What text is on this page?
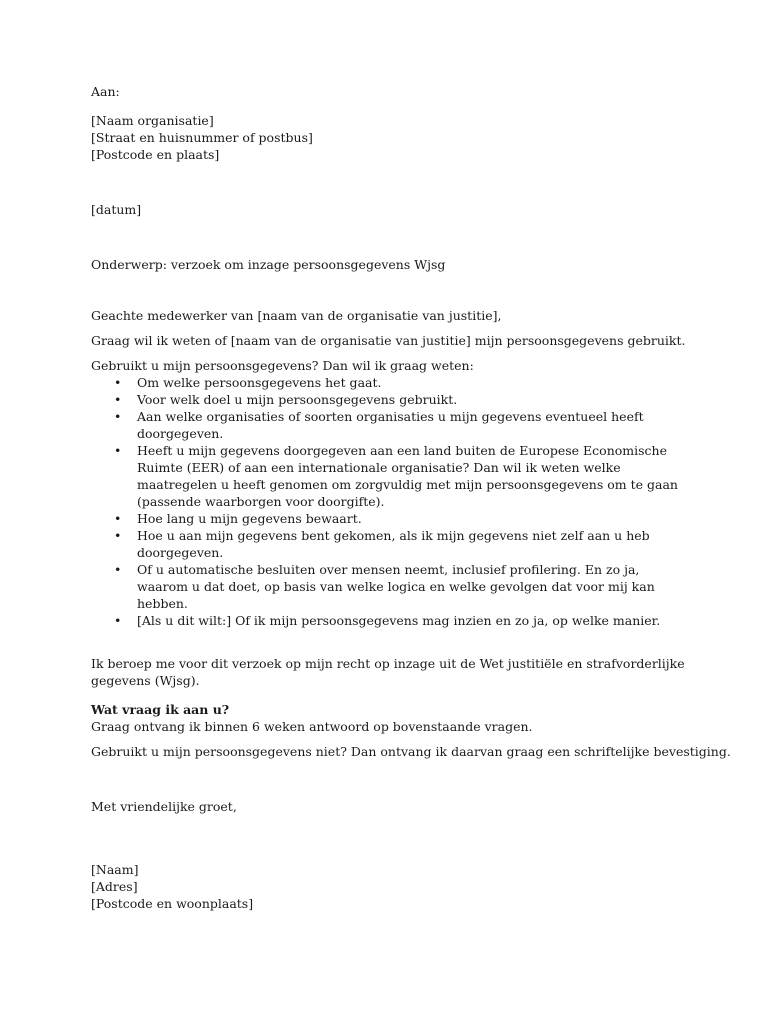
Aan:
[Naam organisatie]
[Straat en huisnummer of postbus]
[Postcode en plaats]
[datum]
Onderwerp: verzoek om inzage persoonsgegevens Wjsg
Geachte medewerker van [naam van de organisatie van justitie],
Graag wil ik weten of [naam van de organisatie van justitie] mijn persoonsgegevens gebruikt.
Gebruikt u mijn persoonsgegevens? Dan wil ik graag weten:
• Om welke persoonsgegevens het gaat.
• Voor welk doel u mijn persoonsgegevens gebruikt.
• Aan welke organisaties of soorten organisaties u mijn gegevens eventueel heeft doorgegeven.
• Heeft u mijn gegevens doorgegeven aan een land buiten de Europese Economische Ruimte (EER) of aan een internationale organisatie? Dan wil ik weten welke maatregelen u heeft genomen om zorgvuldig met mijn persoonsgegevens om te gaan (passende waarborgen voor doorgifte).
• Hoe lang u mijn gegevens bewaart.
• Hoe u aan mijn gegevens bent gekomen, als ik mijn gegevens niet zelf aan u heb doorgegeven.
• Of u automatische besluiten over mensen neemt, inclusief profilering. En zo ja, waarom u dat doet, op basis van welke logica en welke gevolgen dat voor mij kan hebben.
• [Als u dit wilt:] Of ik mijn persoonsgegevens mag inzien en zo ja, op welke manier.
Ik beroep me voor dit verzoek op mijn recht op inzage uit de Wet justitiële en strafvorderlijke gegevens (Wjsg).
Wat vraag ik aan u?
Graag ontvang ik binnen 6 weken antwoord op bovenstaande vragen.
Gebruikt u mijn persoonsgegevens niet? Dan ontvang ik daarvan graag een schriftelijke bevestiging.
Met vriendelijke groet,
[Naam]
[Adres]
[Postcode en woonplaats]
